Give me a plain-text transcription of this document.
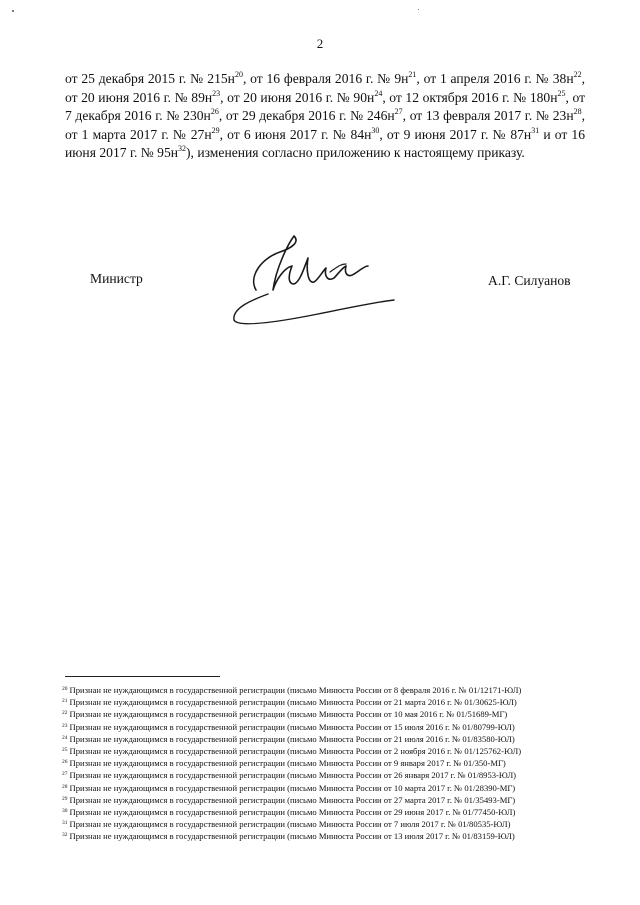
2
от 25 декабря 2015 г. № $215н^{20}$, от 16 февраля 2016 г. № $9н^{21}$, от 1 апреля 2016 г. № $38н^{22}$, от 20 июня 2016 г. № $89н^{23}$, от 20 июня 2016 г. № $90н^{24}$, от 12 октября 2016 г. № $180н^{25}$, от 7 декабря 2016 г. № $230н^{26}$, от 29 декабря 2016 г. № $246н^{27}$, от 13 февраля 2017 г. № $23н^{28}$, от 1 марта 2017 г. № $27н^{29}$, от 6 июня 2017 г. № $84н^{30}$, от 9 июня 2017 г. № $87н^{31}$ и от 16 июня 2017 г. № $95н^{32}$), изменения согласно приложению к настоящему приказу.
Министр	А.Г. Силуанов
$^{20}$ Признан не нуждающимся в государственной регистрации (письмо Минюста России от 8 февраля 2016 г. № 01/12171-ЮЛ)
$^{21}$ Признан не нуждающимся в государственной регистрации (письмо Минюста России от 21 марта 2016 г. № 01/30625-ЮЛ)
$^{22}$ Признан не нуждающимся в государственной регистрации (письмо Минюста России от 10 мая 2016 г. № 01/51689-МГ)
$^{23}$ Признан не нуждающимся в государственной регистрации (письмо Минюста России от 15 июля 2016 г. № 01/80799-ЮЛ)
$^{24}$ Признан не нуждающимся в государственной регистрации (письмо Минюста России от 21 июля 2016 г. № 01/83580-ЮЛ)
$^{25}$ Признан не нуждающимся в государственной регистрации (письмо Минюста России от 2 ноября 2016 г. № 01/125762-ЮЛ)
$^{26}$ Признан не нуждающимся в государственной регистрации (письмо Минюста России от 9 января 2017 г. № 01/350-МГ)
$^{27}$ Признан не нуждающимся в государственной регистрации (письмо Минюста России от 26 января 2017 г. № 01/8953-ЮЛ)
$^{28}$ Признан не нуждающимся в государственной регистрации (письмо Минюста России от 10 марта 2017 г. № 01/28390-МГ)
$^{29}$ Признан не нуждающимся в государственной регистрации (письмо Минюста России от 27 марта 2017 г. № 01/35493-МГ)
$^{30}$ Признан не нуждающимся в государственной регистрации (письмо Минюста России от 29 июня 2017 г. № 01/77450-ЮЛ)
$^{31}$ Признан не нуждающимся в государственной регистрации (письмо Минюста России от 7 июля 2017 г. № 01/80535-ЮЛ)
$^{32}$ Признан не нуждающимся в государственной регистрации (письмо Минюста России от 13 июля 2017 г. № 01/83159-ЮЛ)
